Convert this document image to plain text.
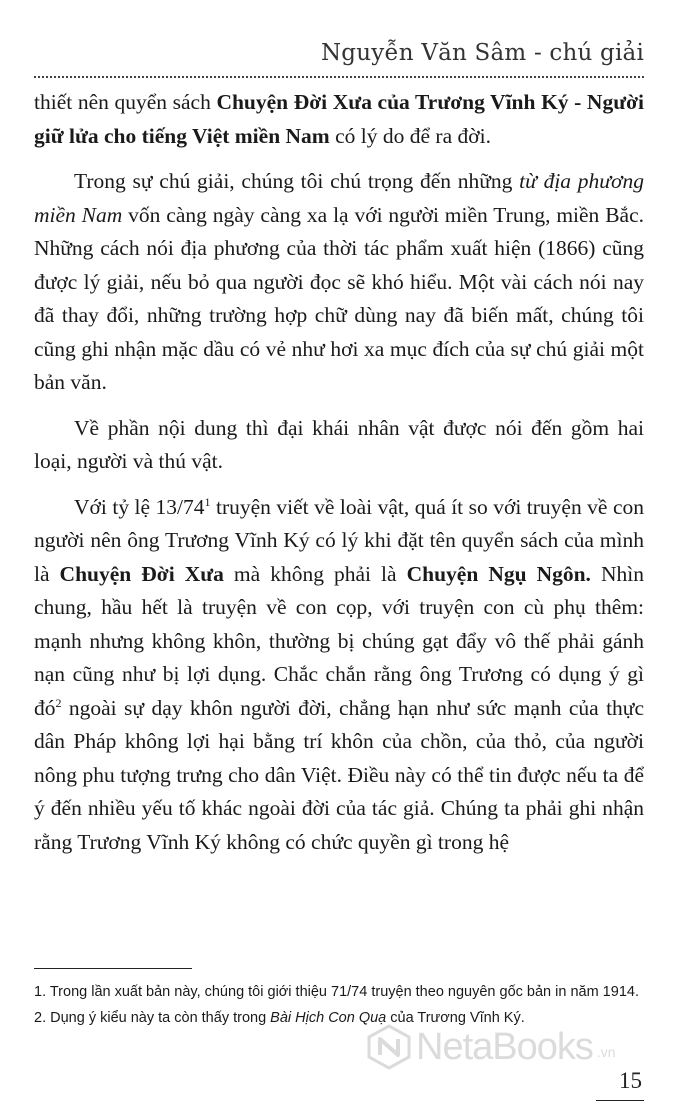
Nguyễn Văn Sâm - chú giải

thiết nên quyển sách Chuyện Đời Xưa của Trương Vĩnh Ký - Người giữ lửa cho tiếng Việt miền Nam có lý do để ra đời.

Trong sự chú giải, chúng tôi chú trọng đến những từ địa phương miền Nam vốn càng ngày càng xa lạ với người miền Trung, miền Bắc. Những cách nói địa phương của thời tác phẩm xuất hiện (1866) cũng được lý giải, nếu bỏ qua người đọc sẽ khó hiểu. Một vài cách nói nay đã thay đổi, những trường hợp chữ dùng nay đã biến mất, chúng tôi cũng ghi nhận mặc dầu có vẻ như hơi xa mục đích của sự chú giải một bản văn.

Về phần nội dung thì đại khái nhân vật được nói đến gồm hai loại, người và thú vật.

Với tỷ lệ $13/74^1$ truyện viết về loài vật, quá ít so với truyện về con người nên ông Trương Vĩnh Ký có lý khi đặt tên quyển sách của mình là Chuyện Đời Xưa mà không phải là Chuyện Ngụ Ngôn. Nhìn chung, hầu hết là truyện về con cọp, với truyện con cù phụ thêm: mạnh nhưng không khôn, thường bị chúng gạt đẩy vô thế phải gánh nạn cũng như bị lợi dụng. Chắc chắn rằng ông Trương có dụng ý gì $đó^2$ ngoài sự dạy khôn người đời, chẳng hạn như sức mạnh của thực dân Pháp không lợi hại bằng trí khôn của chồn, của thỏ, của người nông phu tượng trưng cho dân Việt. Điều này có thể tin được nếu ta để ý đến nhiều yếu tố khác ngoài đời của tác giả. Chúng ta phải ghi nhận rằng Trương Vĩnh Ký không có chức quyền gì trong hệ

1. Trong lần xuất bản này, chúng tôi giới thiệu 71/74 truyện theo nguyên gốc bản in năm 1914.
2. Dụng ý kiểu này ta còn thấy trong Bài Hịch Con Quạ của Trương Vĩnh Ký.
NetaBooks .vn
15
